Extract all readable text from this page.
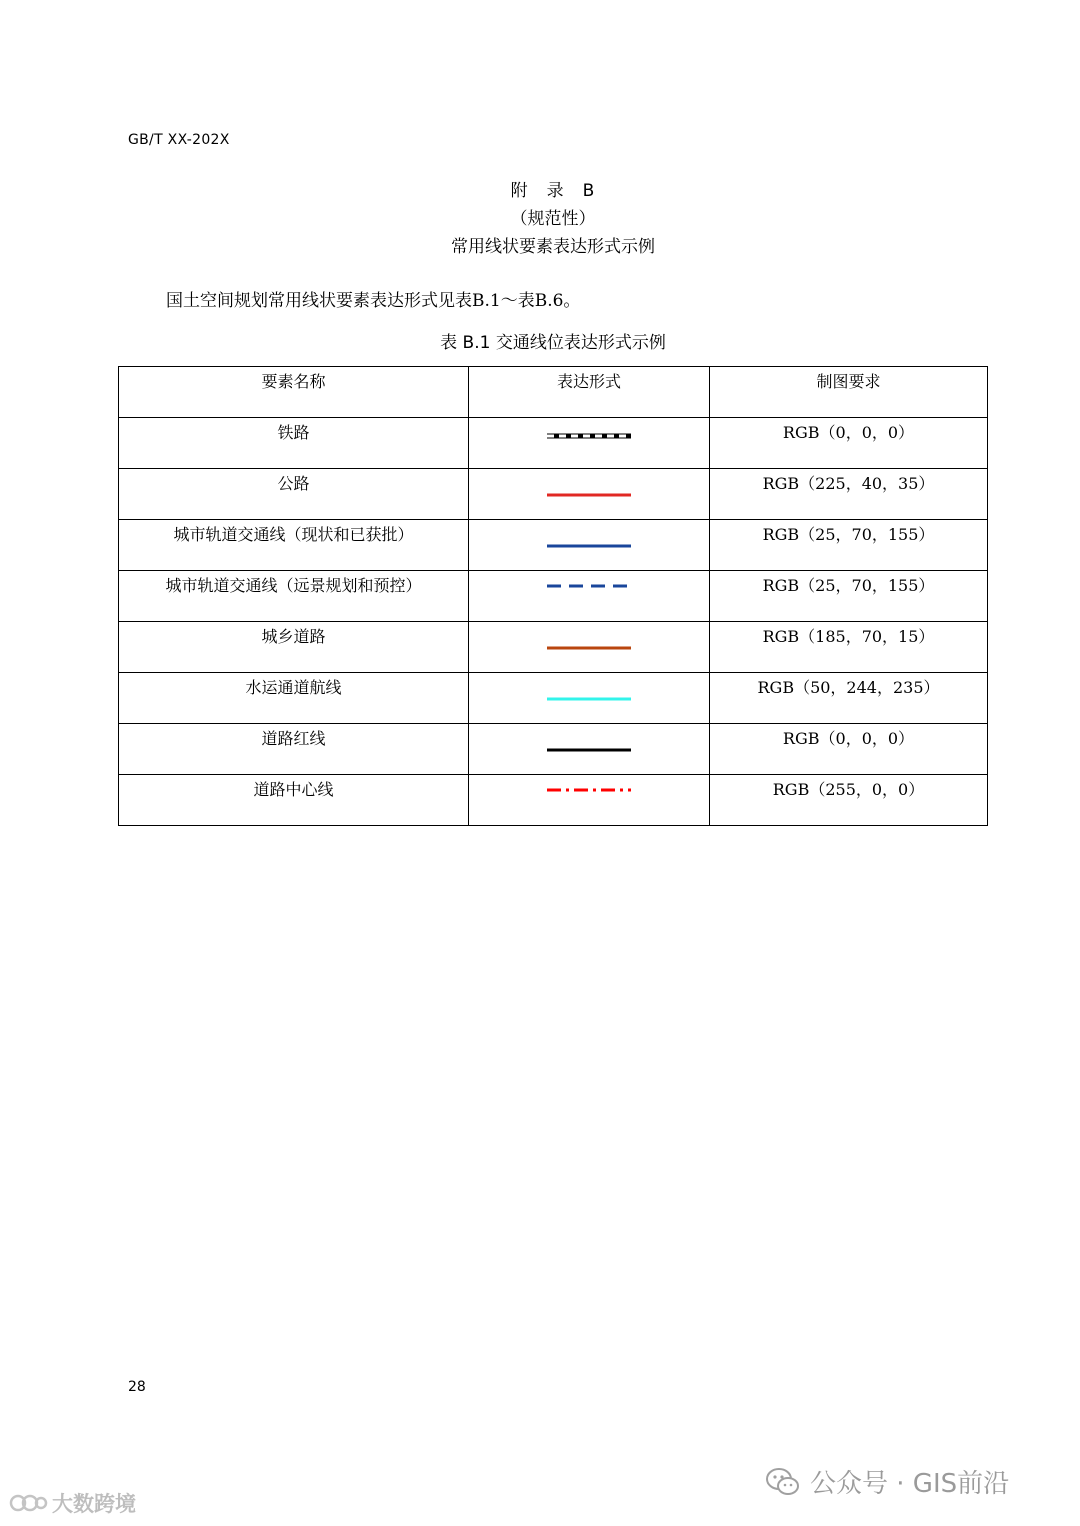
GB/T XX-202X
附　录　B
（规范性）
常用线状要素表达形式示例
国土空间规划常用线状要素表达形式见表B.1～表B.6。
表 B.1 交通线位表达形式示例
要素名称	表达形式	制图要求

铁路		RGB（0，0，0）

公路		RGB（225，40，35）

城市轨道交通线（现状和已获批）		RGB（25，70，155）

城市轨道交通线（远景规划和预控）		RGB（25，70，155）

城乡道路		RGB（185，70，15）

水运通道航线		RGB（50，244，235）

道路红线		RGB（0，0，0）

道路中心线		RGB（255，0，0）
28
公众号 · GIS前沿
大数跨境
